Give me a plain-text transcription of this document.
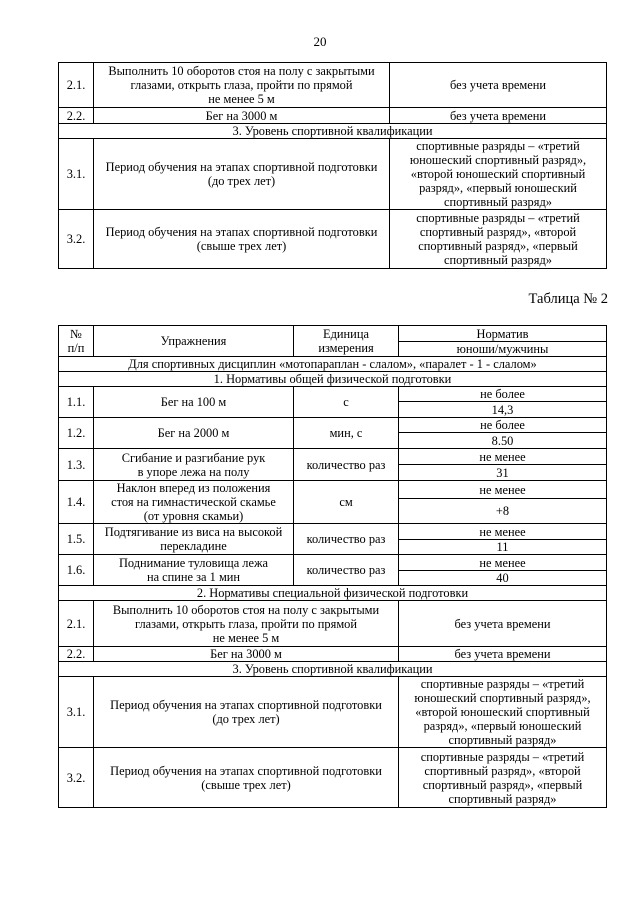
20
2.1.	Выполнить 10 оборотов стоя на полу с закрытыми
глазами, открыть глаза, пройти по прямой
не менее 5 м	без учета времени
2.2.	Бег на 3000 м	без учета времени
3. Уровень спортивной квалификации		
3.1.	Период обучения на этапах спортивной подготовки
(до трех лет)	спортивные разряды – «третий
юношеский спортивный разряд»,
«второй юношеский спортивный
разряд», «первый юношеский
спортивный разряд»

3.2.	Период обучения на этапах спортивной подготовки
(свыше трех лет)	спортивные разряды – «третий
спортивный разряд», «второй
спортивный разряд», «первый
спортивный разряд»
Таблица № 2
№
п/п	Упражнения	Единица
измерения	Норматив
			юноши/мужчины
Для спортивных дисциплин «мотопараплан - слалом», «паралет - 1 - слалом»			
1. Нормативы общей физической подготовки			
1.1.	Бег на 100 м	с	не более
			14,3
1.2.	Бег на 2000 м	мин, с	не более
			8.50
1.3.	Сгибание и разгибание рук
в упоре лежа на полу	количество раз	не менее
			31
1.4.	Наклон вперед из положения
стоя на гимнастической скамье
(от уровня скамьи)	см	не менее
			+8
1.5.	Подтягивание из виса на высокой
перекладине	количество раз	не менее
			11
1.6.	Поднимание туловища лежа
на спине за 1 мин	количество раз	не менее
			40
2. Нормативы специальной физической подготовки			
2.1.	Выполнить 10 оборотов стоя на полу с закрытыми
глазами, открыть глаза, пройти по прямой
не менее 5 м		без учета времени
2.2.	Бег на 3000 м		без учета времени
3. Уровень спортивной квалификации			
3.1.	Период обучения на этапах спортивной подготовки
(до трех лет)		спортивные разряды – «третий
юношеский спортивный разряд»,
«второй юношеский спортивный
разряд», «первый юношеский
спортивный разряд»

3.2.	Период обучения на этапах спортивной подготовки
(свыше трех лет)		спортивные разряды – «третий
спортивный разряд», «второй
спортивный разряд», «первый
спортивный разряд»
